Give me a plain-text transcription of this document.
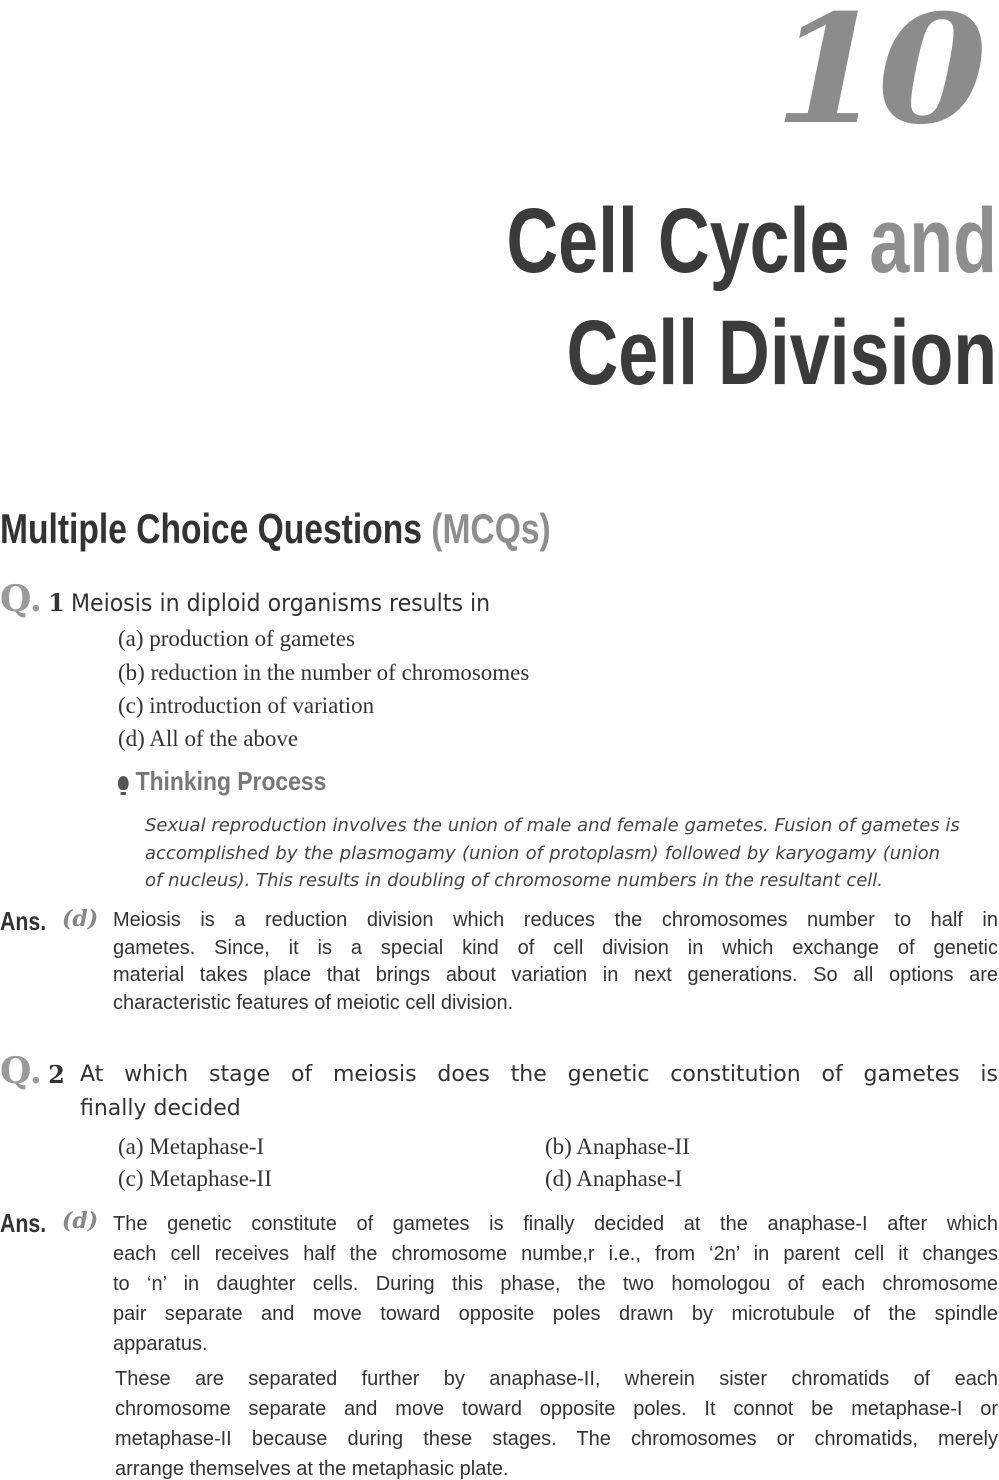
10
Cell Cycle and
Cell Division
Multiple Choice Questions (MCQs)
Q. 1 Meiosis in diploid organisms results in
(a) production of gametes
(b) reduction in the number of chromosomes
(c) introduction of variation
(d) All of the above
Thinking Process
Sexual reproduction involves the union of male and female gametes. Fusion of gametes is
accomplished by the plasmogamy (union of protoplasm) followed by karyogamy (union
of nucleus). This results in doubling of chromosome numbers in the resultant cell.
Ans. (d) Meiosis is a reduction division which reduces the chromosomes number to half in
gametes. Since, it is a special kind of cell division in which exchange of genetic
material takes place that brings about variation in next generations. So all options are
characteristic features of meiotic cell division.
Q. 2 At which stage of meiosis does the genetic constitution of gametes is
finally decided
(a) Metaphase-I	(b) Anaphase-II
(c) Metaphase-II	(d) Anaphase-I
Ans. (d) The genetic constitute of gametes is finally decided at the anaphase-I after which
each cell receives half the chromosome numbe,r i.e., from ‘2n’ in parent cell it changes
to ‘n’ in daughter cells. During this phase, the two homologou of each chromosome
pair separate and move toward opposite poles drawn by microtubule of the spindle
apparatus.
These are separated further by anaphase-II, wherein sister chromatids of each
chromosome separate and move toward opposite poles. It connot be metaphase-I or
metaphase-II because during these stages. The chromosomes or chromatids, merely
arrange themselves at the metaphasic plate.
